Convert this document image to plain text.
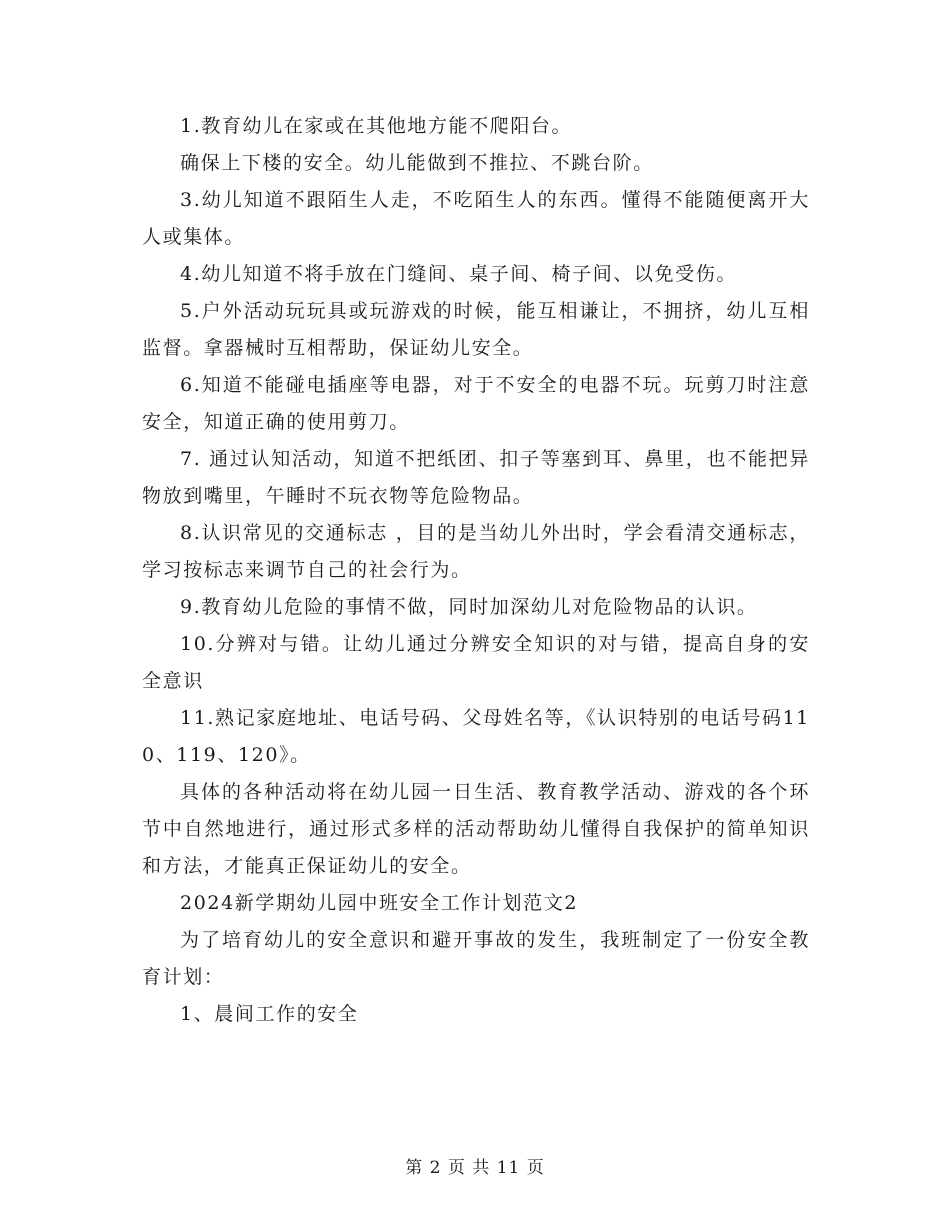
1.教育幼儿在家或在其他地方能不爬阳台。

确保上下楼的安全。幼儿能做到不推拉、不跳台阶。

3.幼儿知道不跟陌生人走，不吃陌生人的东西。懂得不能随便离开大人或集体。

4.幼儿知道不将手放在门缝间、桌子间、椅子间、以免受伤。

5.户外活动玩玩具或玩游戏的时候，能互相谦让，不拥挤，幼儿互相监督。拿器械时互相帮助，保证幼儿安全。

6.知道不能碰电插座等电器，对于不安全的电器不玩。玩剪刀时注意安全，知道正确的使用剪刀。

7. 通过认知活动，知道不把纸团、扣子等塞到耳、鼻里，也不能把异物放到嘴里，午睡时不玩衣物等危险物品。

8.认识常见的交通标志 ，目的是当幼儿外出时，学会看清交通标志，学习按标志来调节自己的社会行为。

9.教育幼儿危险的事情不做，同时加深幼儿对危险物品的认识。

10.分辨对与错。让幼儿通过分辨安全知识的对与错，提高自身的安全意识

11.熟记家庭地址、电话号码、父母姓名等，《认识特别的电话号码110、119、120》。

具体的各种活动将在幼儿园一日生活、教育教学活动、游戏的各个环节中自然地进行，通过形式多样的活动帮助幼儿懂得自我保护的简单知识和方法，才能真正保证幼儿的安全。

2024新学期幼儿园中班安全工作计划范文2

为了培育幼儿的安全意识和避开事故的发生，我班制定了一份安全教育计划：

1、晨间工作的安全

第 2 页 共 11 页
